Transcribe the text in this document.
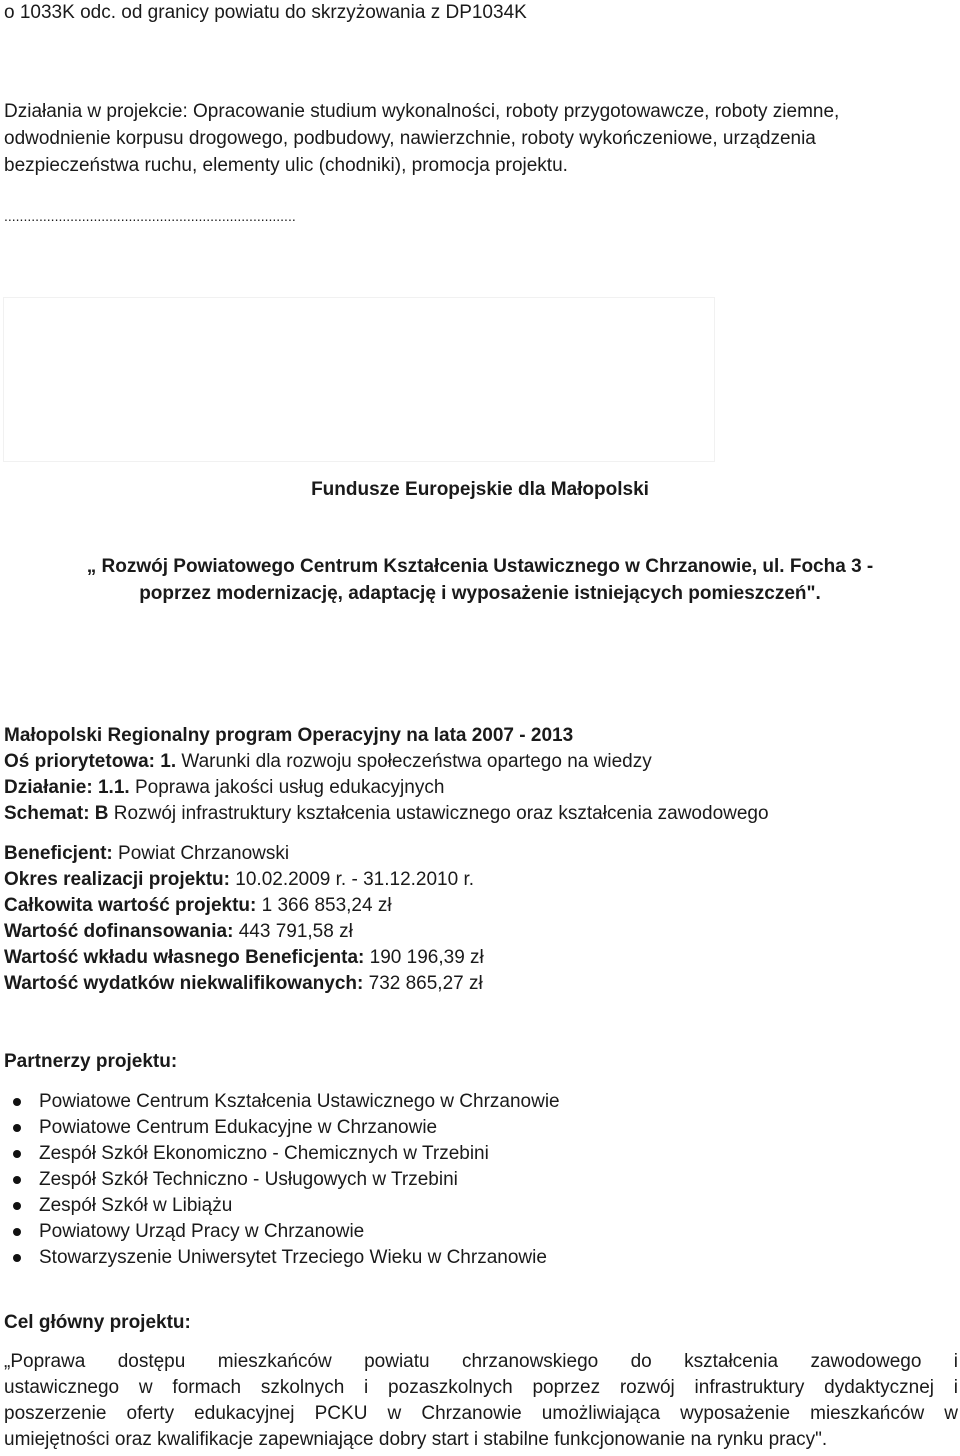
o 1033K odc. od granicy powiatu do skrzyżowania z DP1034K
Działania w projekcie: Opracowanie studium wykonalności, roboty przygotowawcze, roboty ziemne,
odwodnienie korpusu drogowego, podbudowy, nawierzchnie, roboty wykończeniowe, urządzenia
bezpieczeństwa ruchu, elementy ulic (chodniki), promocja projektu.
...........................................................................
Fundusze Europejskie dla Małopolski
„ Rozwój Powiatowego Centrum Kształcenia Ustawicznego w Chrzanowie, ul. Focha 3 -
poprzez modernizację, adaptację i wyposażenie istniejących pomieszczeń".
Małopolski Regionalny program Operacyjny na lata 2007 - 2013
Oś priorytetowa: 1. Warunki dla rozwoju społeczeństwa opartego na wiedzy
Działanie: 1.1. Poprawa jakości usług edukacyjnych
Schemat: B Rozwój infrastruktury kształcenia ustawicznego oraz kształcenia zawodowego
Beneficjent: Powiat Chrzanowski
Okres realizacji projektu: 10.02.2009 r. - 31.12.2010 r.
Całkowita wartość projektu: 1 366 853,24 zł
Wartość dofinansowania: 443 791,58 zł
Wartość wkładu własnego Beneficjenta: 190 196,39 zł
Wartość wydatków niekwalifikowanych: 732 865,27 zł
Partnerzy projektu:
Powiatowe Centrum Kształcenia Ustawicznego w Chrzanowie
Powiatowe Centrum Edukacyjne w Chrzanowie
Zespół Szkół Ekonomiczno - Chemicznych w Trzebini
Zespół Szkół Techniczno - Usługowych w Trzebini
Zespół Szkół w Libiążu
Powiatowy Urząd Pracy w Chrzanowie
Stowarzyszenie Uniwersytet Trzeciego Wieku w Chrzanowie
Cel główny projektu:
„Poprawa dostępu mieszkańców powiatu chrzanowskiego do kształcenia zawodowego i
ustawicznego w formach szkolnych i pozaszkolnych poprzez rozwój infrastruktury dydaktycznej i
poszerzenie oferty edukacyjnej PCKU w Chrzanowie umożliwiająca wyposażenie mieszkańców w
umiejętności oraz kwalifikacje zapewniające dobry start i stabilne funkcjonowanie na rynku pracy".
